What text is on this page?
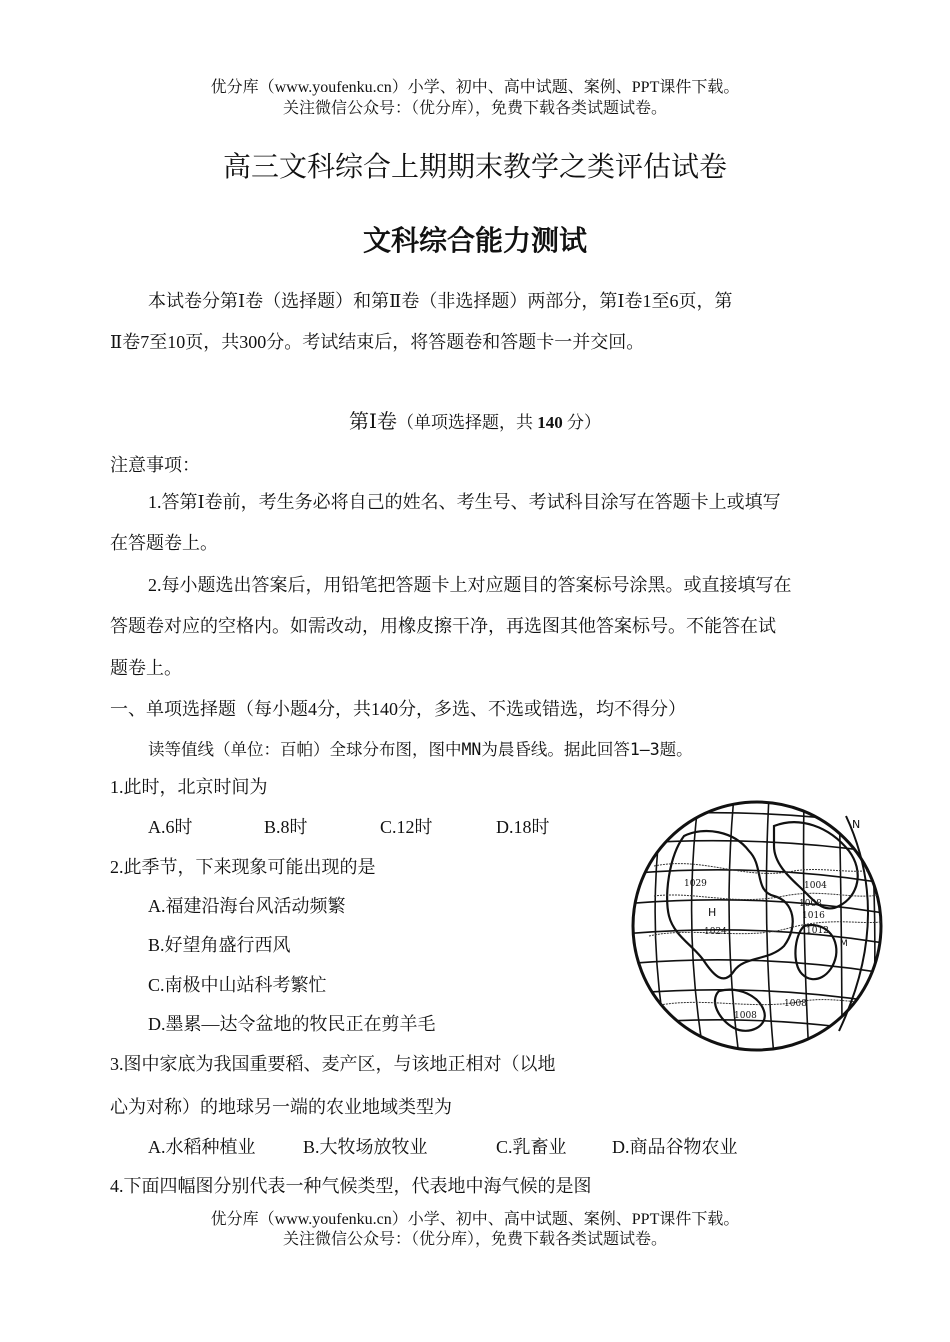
优分库（www.youfenku.cn）小学、初中、高中试题、案例、PPT课件下载。
关注微信公众号：（优分库），免费下载各类试题试卷。
高三文科综合上期期末教学之类评估试卷
文科综合能力测试
本试卷分第Ⅰ卷（选择题）和第Ⅱ卷（非选择题）两部分，第Ⅰ卷1至6页，第
Ⅱ卷7至10页，共300分。考试结束后，将答题卷和答题卡一并交回。
第Ⅰ卷（单项选择题，共 140 分）
注意事项：
1.答第Ⅰ卷前，考生务必将自己的姓名、考生号、考试科目涂写在答题卡上或填写
在答题卷上。
2.每小题选出答案后，用铅笔把答题卡上对应题目的答案标号涂黑。或直接填写在
答题卷对应的空格内。如需改动，用橡皮擦干净，再选图其他答案标号。不能答在试
题卷上。
一、单项选择题（每小题4分，共140分，多选、不选或错选，均不得分）
读等值线（单位：百帕）全球分布图，图中MN为晨昏线。据此回答1—3题。
1.此时，北京时间为
A.6时	B.8时	C.12时	D.18时
2.此季节，下来现象可能出现的是
A.福建沿海台风活动频繁
B.好望角盛行西风
C.南极中山站科考繁忙
D.墨累—达令盆地的牧民正在剪羊毛
3.图中家底为我国重要稻、麦产区，与该地正相对（以地
心为对称）的地球另一端的农业地域类型为
A.水稻种植业	B.大牧场放牧业	C.乳畜业	D.商品谷物农业
4.下面四幅图分别代表一种气候类型，代表地中海气候的是图
优分库（www.youfenku.cn）小学、初中、高中试题、案例、PPT课件下载。
关注微信公众号：（优分库），免费下载各类试题试卷。
N
M
H
1029	1004
1008
1016
1012
1024
1008
1008
